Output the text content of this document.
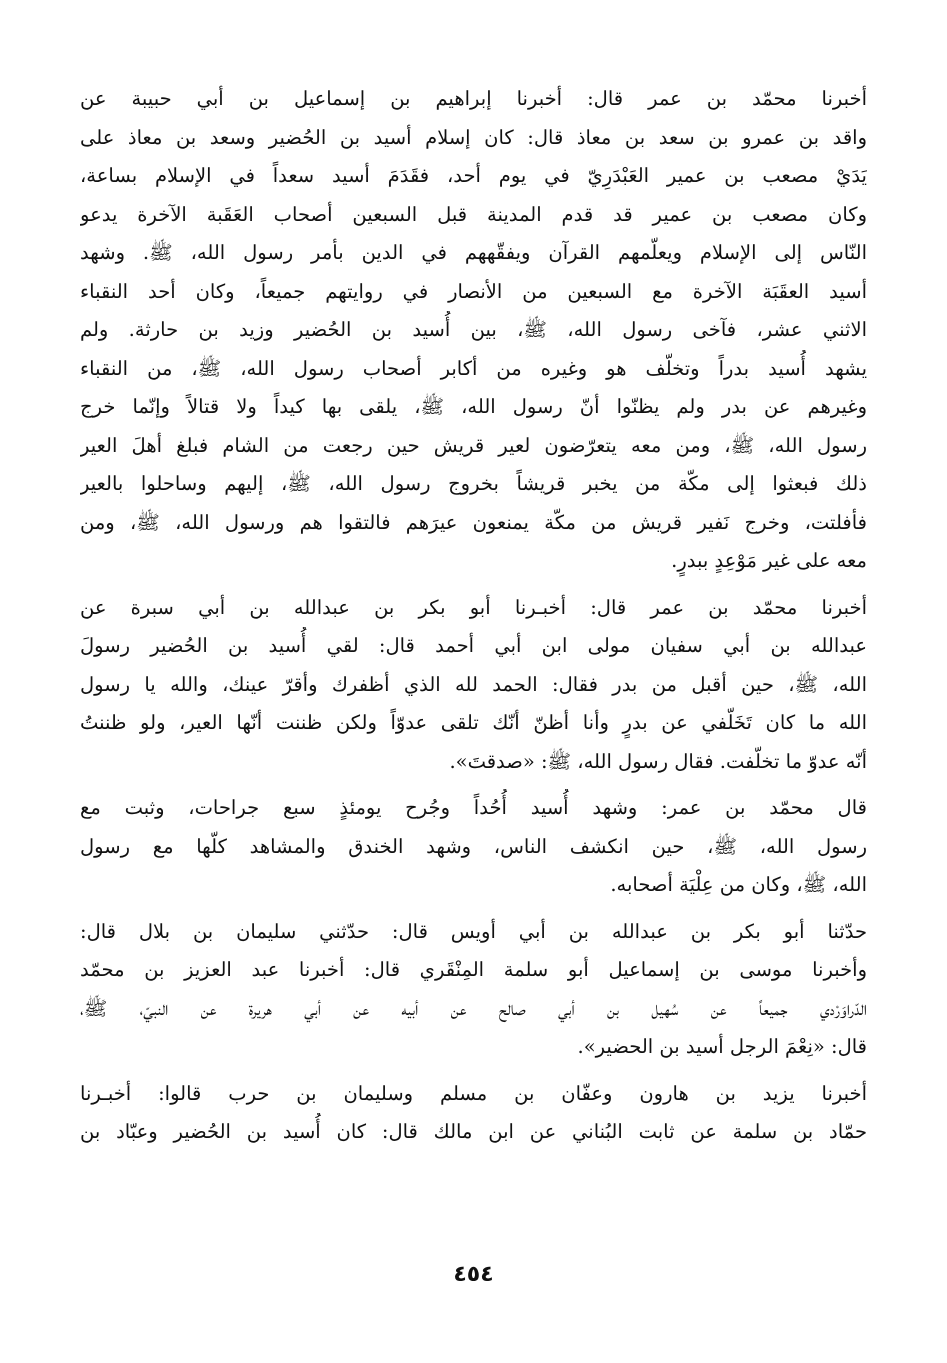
أخبرنا محمّد بن عمر قال: أخبرنا إبراهيم بن إسماعيل بن أبي حبيبة عن
واقد بن عمرو بن سعد بن معاذ قال: كان إسلام أسيد بن الحُضير وسعد بن معاذ على
يَدَيْ مصعب بن عمير العَبْدَرِيّ في يوم أحد، فقَدَمَ أسيد سعداً في الإسلام بساعة،
وكان مصعب بن عمير قد قدم المدينة قبل السبعين أصحاب العَقَبة الآخرة يدعو
النّاس إلى الإسلام ويعلّمهم القرآن ويفقّههم في الدين بأمر رسول الله، ﷺ. وشهد
أسيد العقَبَة الآخرة مع السبعين من الأنصار في روايتهم جميعاً، وكان أحد النقباء
الاثني عشر، فآخى رسول الله، ﷺ، بين أُسيد بن الحُضير وزيد بن حارثة. ولم
يشهد أُسيد بدراً وتخلّف هو وغيره من أكابر أصحاب رسول الله، ﷺ، من النقباء
وغيرهم عن بدر ولم يظنّوا أنّ رسول الله، ﷺ، يلقى بها كيداً ولا قتالاً وإنّما خرج
رسول الله، ﷺ، ومن معه يتعرّضون لعير قريش حين رجعت من الشام فبلغ أهلَ العير
ذلك فبعثوا إلى مكّة من يخبر قريشاً بخروج رسول الله، ﷺ، إليهم وساحلوا بالعير
فأفلتت، وخرج نَفير قريش من مكّة يمنعون عيرَهم فالتقوا هم ورسول الله، ﷺ، ومن
معه على غير مَوْعِدٍ ببدرٍ.
أخبرنا محمّد بن عمر قال: أخبـرنا أبو بكر بن عبدالله بن أبي سبرة عن
عبدالله بن أبي سفيان مولى ابن أبي أحمد قال: لقي أُسيد بن الحُضير رسولَ
الله، ﷺ، حين أقبل من بدر فقال: الحمد لله الذي أظفرك وأقرّ عينك، والله يا رسول
الله ما كان تَخَلّفي عن بدرٍ وأنا أظنّ أنّك تلقى عدوّاً ولكن ظننت أنّها العير، ولو ظننتُ
أنّه عدوّ ما تخلّفت. فقال رسول الله، ﷺ: «صدقتَ».
قال محمّد بن عمر: وشهد أُسيد أُحُداً وجُرح يومئذٍ سبع جراحات، وثبت مع
رسول الله، ﷺ، حين انكشف الناس، وشهد الخندق والمشاهد كلّها مع رسول
الله، ﷺ، وكان من عِلْيَة أصحابه.
حدّثنا أبو بكر بن عبدالله بن أبي أويس قال: حدّثني سليمان بن بلال قال:
وأخبرنا موسى بن إسماعيل أبو سلمة المِنْقَري قال: أخبرنا عبد العزيز بن محمّد
الدّراوَرْدي جميعاً عن سُهيل بن أبي صالح عن أبيه عن أبي هريرة عن النبيّ، ﷺ،
قال: «نِعْمَ الرجل أسيد بن الحضير».
أخبرنا يزيد بن هارون وعفّان بن مسلم وسليمان بن حرب قالوا: أخبـرنا
حمّاد بن سلمة عن ثابت البُناني عن ابن مالك قال: كان أُسيد بن الحُضير وعبّاد بن
٤٥٤
